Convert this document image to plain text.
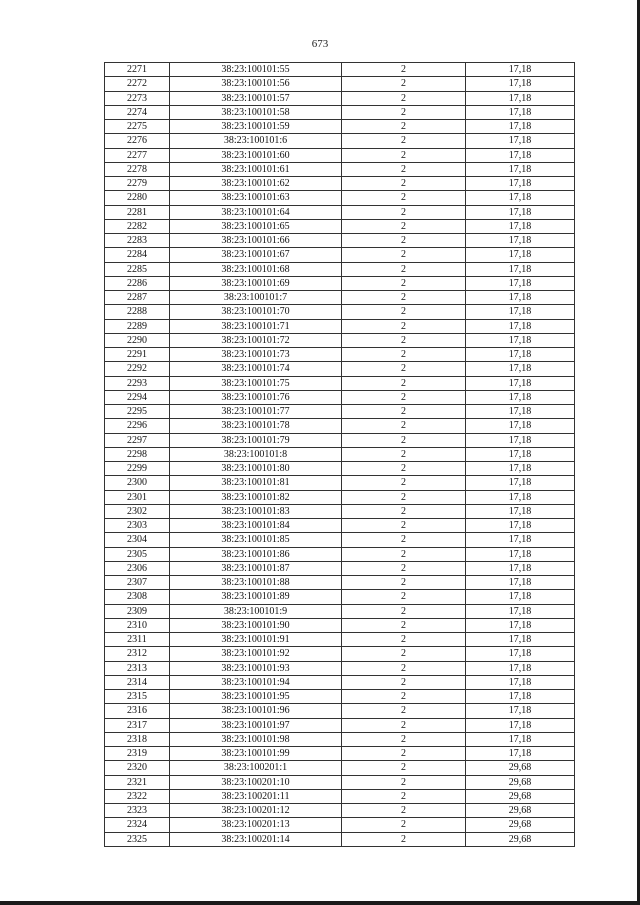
673
2271	38:23:100101:55	2	17,18
2272	38:23:100101:56	2	17,18
2273	38:23:100101:57	2	17,18
2274	38:23:100101:58	2	17,18
2275	38:23:100101:59	2	17,18
2276	38:23:100101:6	2	17,18
2277	38:23:100101:60	2	17,18
2278	38:23:100101:61	2	17,18
2279	38:23:100101:62	2	17,18
2280	38:23:100101:63	2	17,18
2281	38:23:100101:64	2	17,18
2282	38:23:100101:65	2	17,18
2283	38:23:100101:66	2	17,18
2284	38:23:100101:67	2	17,18
2285	38:23:100101:68	2	17,18
2286	38:23:100101:69	2	17,18
2287	38:23:100101:7	2	17,18
2288	38:23:100101:70	2	17,18
2289	38:23:100101:71	2	17,18
2290	38:23:100101:72	2	17,18
2291	38:23:100101:73	2	17,18
2292	38:23:100101:74	2	17,18
2293	38:23:100101:75	2	17,18
2294	38:23:100101:76	2	17,18
2295	38:23:100101:77	2	17,18
2296	38:23:100101:78	2	17,18
2297	38:23:100101:79	2	17,18
2298	38:23:100101:8	2	17,18
2299	38:23:100101:80	2	17,18
2300	38:23:100101:81	2	17,18
2301	38:23:100101:82	2	17,18
2302	38:23:100101:83	2	17,18
2303	38:23:100101:84	2	17,18
2304	38:23:100101:85	2	17,18
2305	38:23:100101:86	2	17,18
2306	38:23:100101:87	2	17,18
2307	38:23:100101:88	2	17,18
2308	38:23:100101:89	2	17,18
2309	38:23:100101:9	2	17,18
2310	38:23:100101:90	2	17,18
2311	38:23:100101:91	2	17,18
2312	38:23:100101:92	2	17,18
2313	38:23:100101:93	2	17,18
2314	38:23:100101:94	2	17,18
2315	38:23:100101:95	2	17,18
2316	38:23:100101:96	2	17,18
2317	38:23:100101:97	2	17,18
2318	38:23:100101:98	2	17,18
2319	38:23:100101:99	2	17,18
2320	38:23:100201:1	2	29,68
2321	38:23:100201:10	2	29,68
2322	38:23:100201:11	2	29,68
2323	38:23:100201:12	2	29,68
2324	38:23:100201:13	2	29,68
2325	38:23:100201:14	2	29,68
